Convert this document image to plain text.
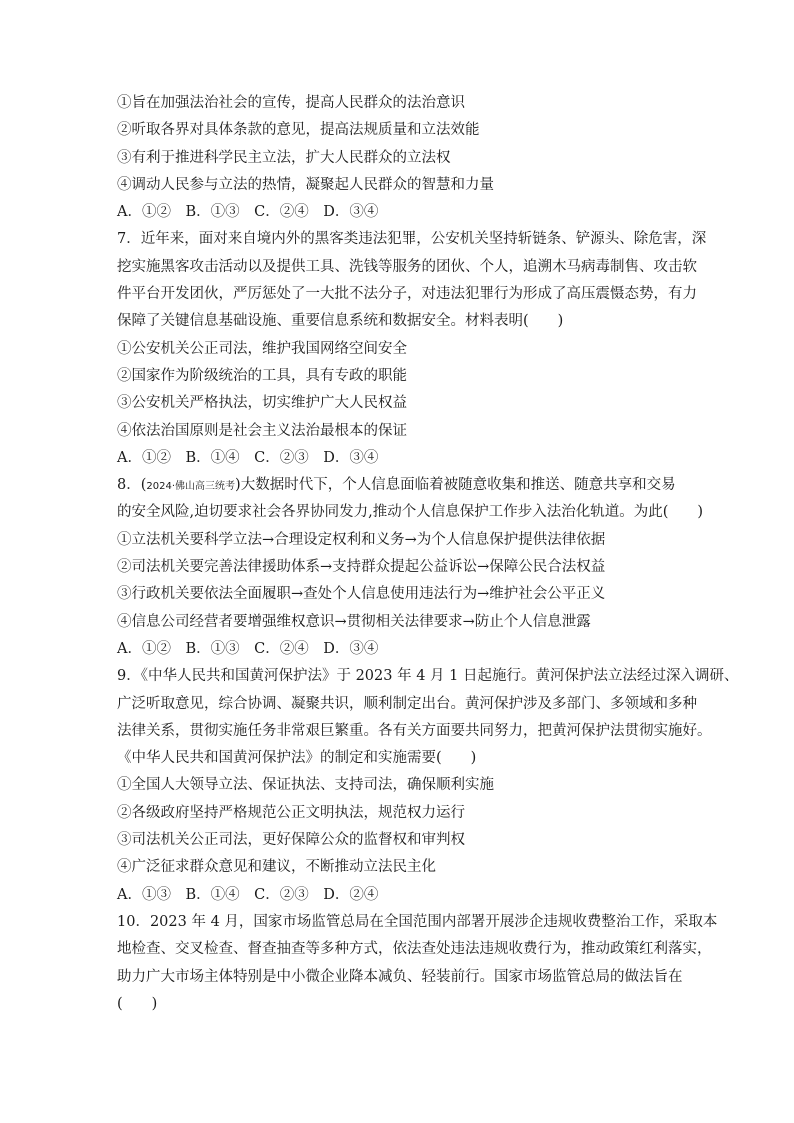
①旨在加强法治社会的宣传，提高人民群众的法治意识
②听取各界对具体条款的意见，提高法规质量和立法效能
③有利于推进科学民主立法，扩大人民群众的立法权
④调动人民参与立法的热情，凝聚起人民群众的智慧和力量
A．①②　B．①③　C．②④　D．③④
7．近年来，面对来自境内外的黑客类违法犯罪，公安机关坚持斩链条、铲源头、除危害，深
挖实施黑客攻击活动以及提供工具、洗钱等服务的团伙、个人，追溯木马病毒制售、攻击软
件平台开发团伙，严厉惩处了一大批不法分子，对违法犯罪行为形成了高压震慑态势，有力
保障了关键信息基础设施、重要信息系统和数据安全。材料表明(　　)
①公安机关公正司法，维护我国网络空间安全
②国家作为阶级统治的工具，具有专政的职能
③公安机关严格执法，切实维护广大人民权益
④依法治国原则是社会主义法治最根本的保证
A．①②　B．①④　C．②③　D．③④
8．(2024·佛山高三统考)大数据时代下，个人信息面临着被随意收集和推送、随意共享和交易
的安全风险,迫切要求社会各界协同发力,推动个人信息保护工作步入法治化轨道。为此(　　)
①立法机关要科学立法→合理设定权利和义务→为个人信息保护提供法律依据
②司法机关要完善法律援助体系→支持群众提起公益诉讼→保障公民合法权益
③行政机关要依法全面履职→查处个人信息使用违法行为→维护社会公平正义
④信息公司经营者要增强维权意识→贯彻相关法律要求→防止个人信息泄露
A．①②　B．①③　C．②④　D．③④
9．《中华人民共和国黄河保护法》于 2023 年 4 月 1 日起施行。黄河保护法立法经过深入调研、
广泛听取意见，综合协调、凝聚共识，顺利制定出台。黄河保护涉及多部门、多领域和多种
法律关系，贯彻实施任务非常艰巨繁重。各有关方面要共同努力，把黄河保护法贯彻实施好。
《中华人民共和国黄河保护法》的制定和实施需要(　　)
①全国人大领导立法、保证执法、支持司法，确保顺利实施
②各级政府坚持严格规范公正文明执法，规范权力运行
③司法机关公正司法，更好保障公众的监督权和审判权
④广泛征求群众意见和建议，不断推动立法民主化
A．①③　B．①④　C．②③　D．②④
10．2023 年 4 月，国家市场监管总局在全国范围内部署开展涉企违规收费整治工作，采取本
地检查、交叉检查、督查抽查等多种方式，依法查处违法违规收费行为，推动政策红利落实，
助力广大市场主体特别是中小微企业降本减负、轻装前行。国家市场监管总局的做法旨在
(　　)
